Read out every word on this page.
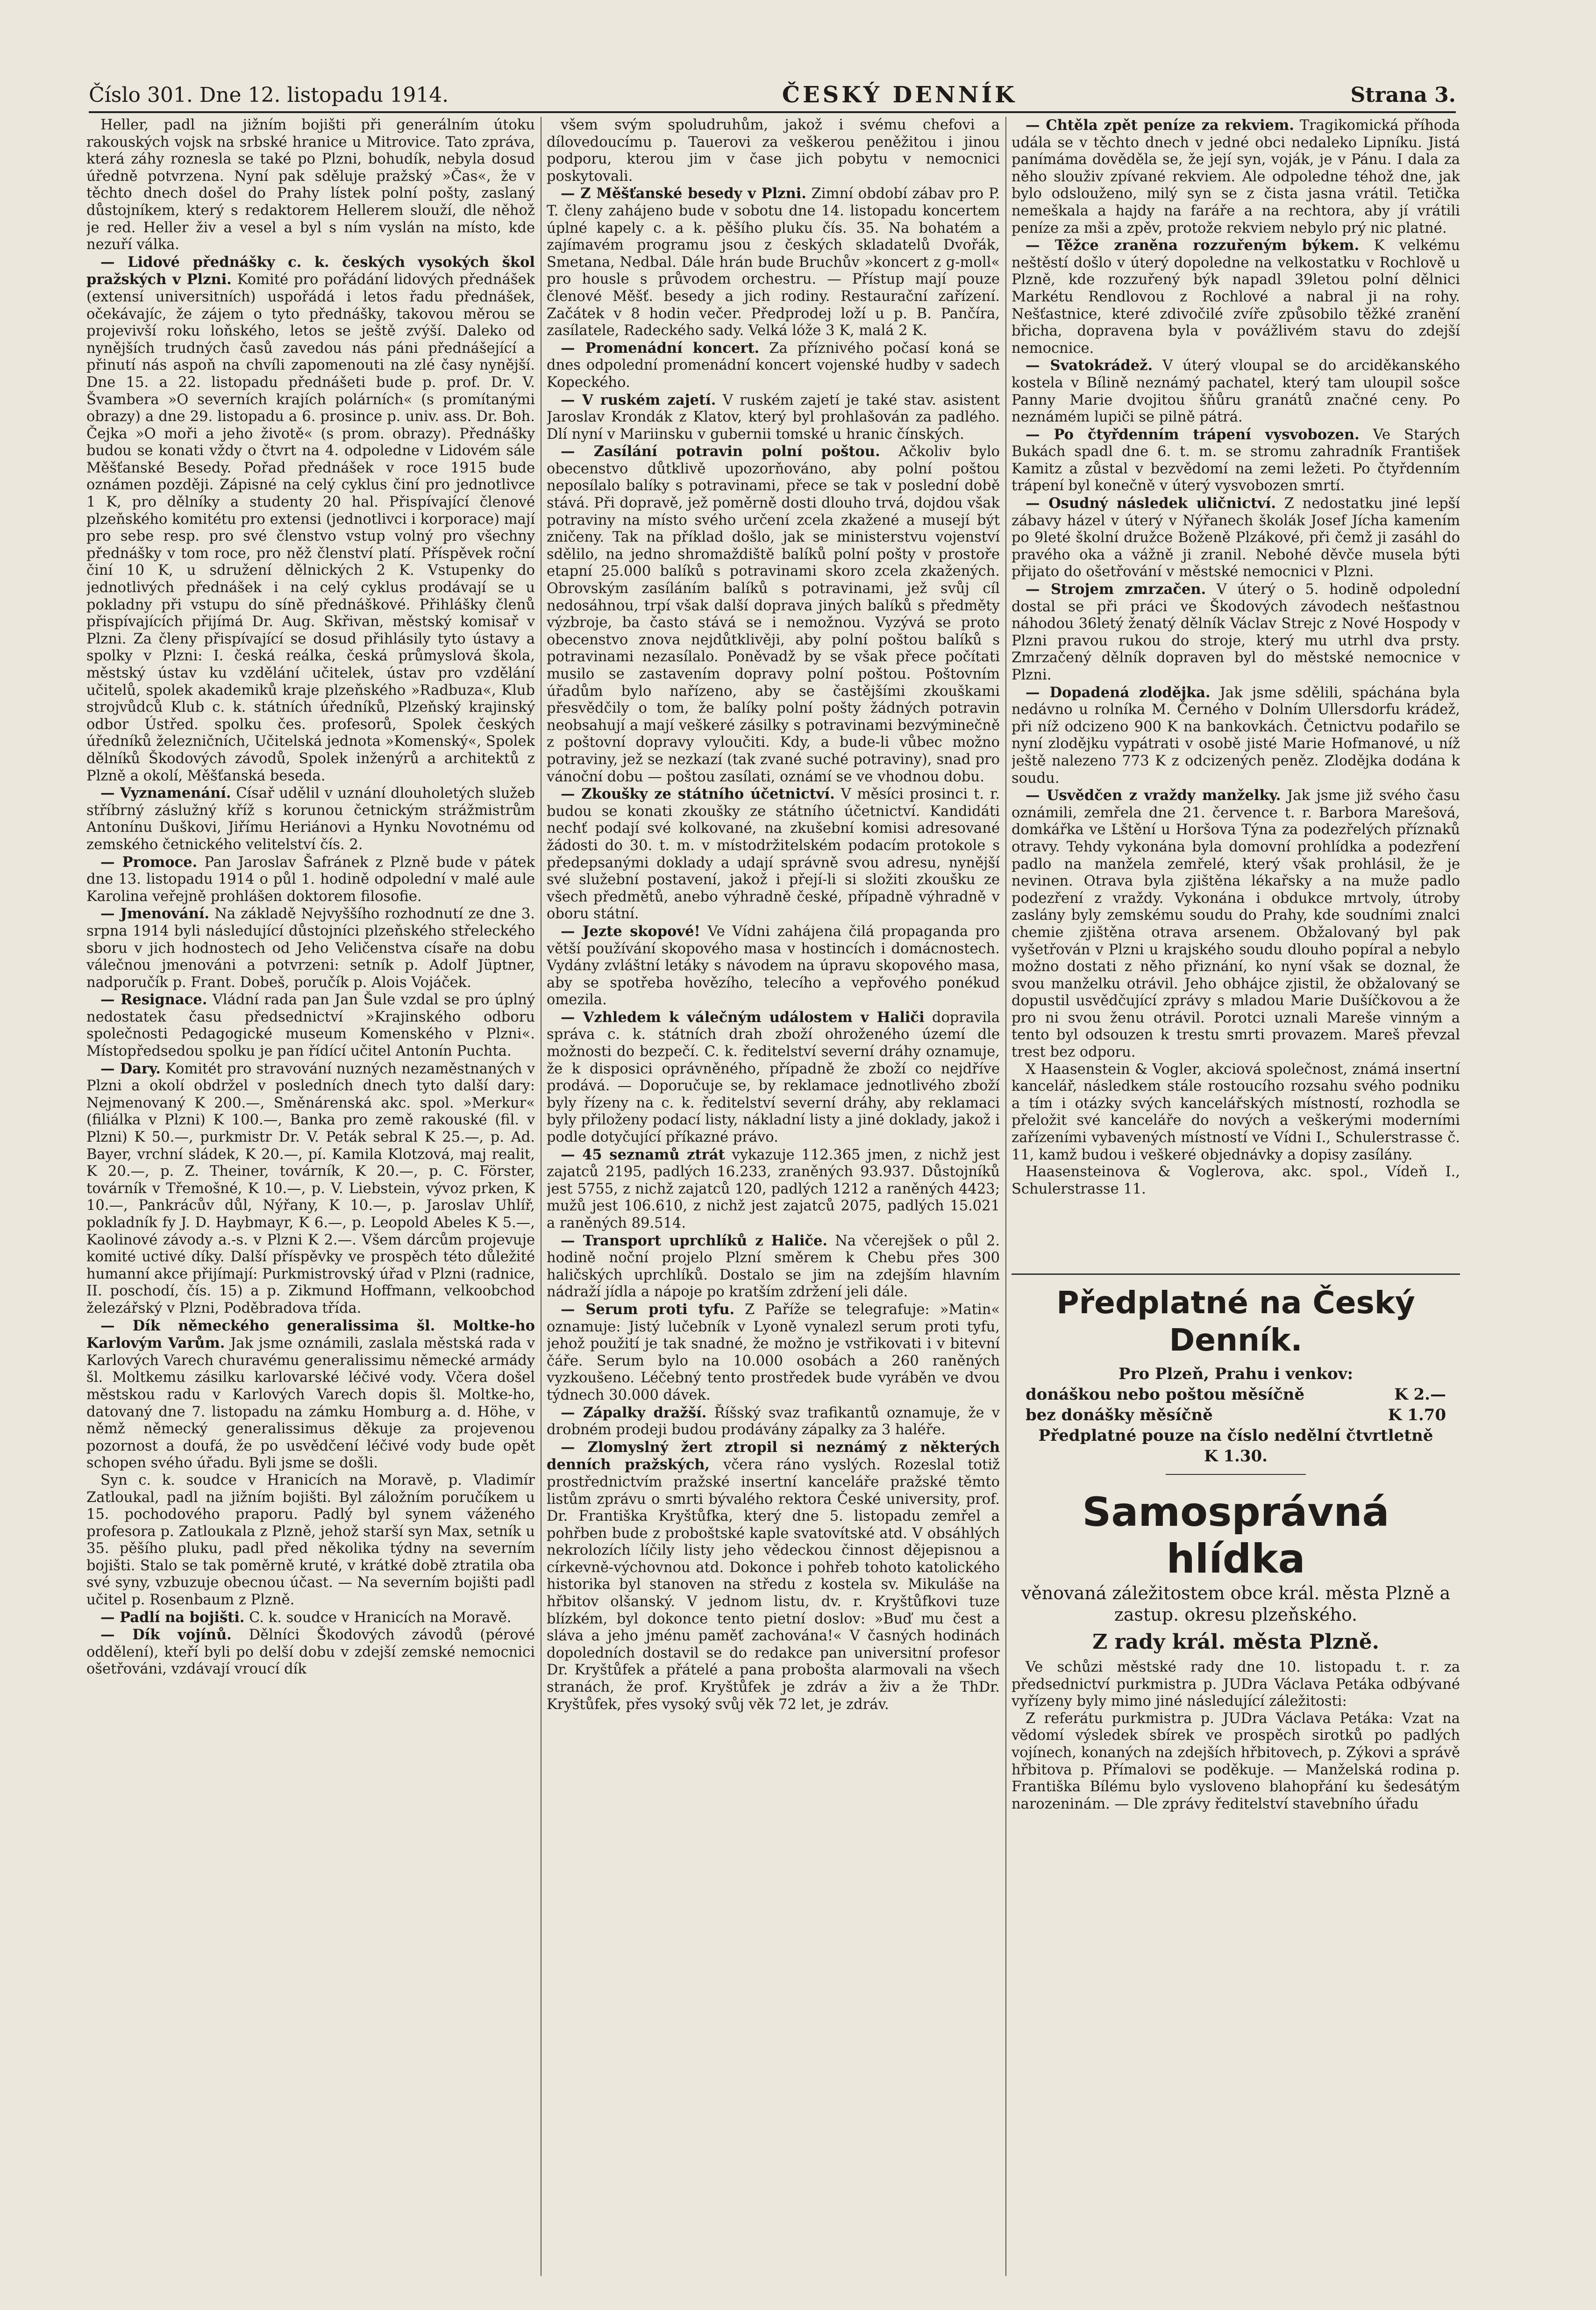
Číslo 301. Dne 12. listopadu 1914.	ČESKÝ DENNÍK	Strana 3.

Heller, padl na jižním bojišti při generálním útoku rakouských vojsk na srbské hranice u Mitrovice. Tato zpráva, která záhy roznesla se také po Plzni, bohudík, nebyla dosud úředně potvrzena. Nyní pak sděluje pražský »Čas«, že v těchto dnech došel do Prahy lístek polní pošty, zaslaný důstojníkem, který s redaktorem Hellerem slouží, dle něhož je red. Heller živ a vesel a byl s ním vyslán na místo, kde nezuří válka.

— Lidové přednášky c. k. českých vysokých škol pražských v Plzni. Komité pro pořádání lidových přednášek (extensí universitních) uspořádá i letos řadu přednášek, očekávajíc, že zájem o tyto přednášky, takovou měrou se projevivší roku loňského, letos se ještě zvýší. Daleko od nynějších trudných časů zavedou nás páni přednášející a přinutí nás aspoň na chvíli zapomenouti na zlé časy nynější. Dne 15. a 22. listopadu přednášeti bude p. prof. Dr. V. Švambera »O severních krajích polárních« (s promítanými obrazy) a dne 29. listopadu a 6. prosince p. univ. ass. Dr. Boh. Čejka »O moři a jeho životě« (s prom. obrazy). Přednášky budou se konati vždy o čtvrt na 4. odpoledne v Lidovém sále Měšťanské Besedy. Pořad přednášek v roce 1915 bude oznámen později. Zápisné na celý cyklus činí pro jednotlivce 1 K, pro dělníky a studenty 20 hal. Přispívající členové plzeňského komitétu pro extensi (jednotlivci i korporace) mají pro sebe resp. pro své členstvo vstup volný pro všechny přednášky v tom roce, pro něž členství platí. Příspěvek roční činí 10 K, u sdružení dělnických 2 K. Vstupenky do jednotlivých přednášek i na celý cyklus prodávají se u pokladny při vstupu do síně přednáškové. Přihlášky členů přispívajících přijímá Dr. Aug. Skřivan, městský komisař v Plzni. Za členy přispívající se dosud přihlásily tyto ústavy a spolky v Plzni: I. česká reálka, česká průmyslová škola, městský ústav ku vzdělání učitelek, ústav pro vzdělání učitelů, spolek akademiků kraje plzeňského »Radbuza«, Klub strojvůdců Klub c. k. státních úředníků, Plzeňský krajinský odbor Ústřed. spolku čes. profesorů, Spolek českých úředníků železničních, Učitelská jednota »Komenský«, Spolek dělníků Škodových závodů, Spolek inženýrů a architektů z Plzně a okolí, Měšťanská beseda.

— Vyznamenání. Císař udělil v uznání dlouholetých služeb stříbrný záslužný kříž s korunou četnickým strážmistrům Antonínu Duškovi, Jiřímu Heriánovi a Hynku Novotnému od zemského četnického velitelství čís. 2.

— Promoce. Pan Jaroslav Šafránek z Plzně bude v pátek dne 13. listopadu 1914 o půl 1. hodině odpolední v malé aule Karolina veřejně prohlášen doktorem filosofie.

— Jmenování. Na základě Nejvyššího rozhodnutí ze dne 3. srpna 1914 byli následující důstojníci plzeňského střeleckého sboru v jich hodnostech od Jeho Veličenstva císaře na dobu válečnou jmenováni a potvrzeni: setník p. Adolf Jüptner, nadporučík p. Frant. Dobeš, poručík p. Alois Vojáček.

— Resignace. Vládní rada pan Jan Šule vzdal se pro úplný nedostatek času předsednictví »Krajinského odboru společnosti Pedagogické museum Komenského v Plzni«. Místopředsedou spolku je pan řídící učitel Antonín Puchta.

— Dary. Komitét pro stravování nuzných nezaměstnaných v Plzni a okolí obdržel v posledních dnech tyto další dary: Nejmenovaný K 200.—, Směnárenská akc. spol. »Merkur« (filiálka v Plzni) K 100.—, Banka pro země rakouské (fil. v Plzni) K 50.—, purkmistr Dr. V. Peták sebral K 25.—, p. Ad. Bayer, vrchní sládek, K 20.—, pí. Kamila Klotzová, maj realit, K 20.—, p. Z. Theiner, továrník, K 20.—, p. C. Förster, továrník v Třemošné, K 10.—, p. V. Liebstein, vývoz prken, K 10.—, Pankrácův důl, Nýřany, K 10.—, p. Jaroslav Uhlíř, pokladník fy J. D. Haybmayr, K 6.—, p. Leopold Abeles K 5.—, Kaolinové závody a.-s. v Plzni K 2.—. Všem dárcům projevuje komité uctivé díky. Další příspěvky ve prospěch této důležité humanní akce přijímají: Purkmistrovský úřad v Plzni (radnice, II. poschodí, čís. 15) a p. Zikmund Hoffmann, velkoobchod železářský v Plzni, Poděbradova třída.

— Dík německého generalissima šl. Moltke-ho Karlovým Varům. Jak jsme oznámili, zaslala městská rada v Karlových Varech churavému generalissimu německé armády šl. Moltkemu zásilku karlovarské léčivé vody. Včera došel městskou radu v Karlových Varech dopis šl. Moltke-ho, datovaný dne 7. listopadu na zámku Homburg a. d. Höhe, v němž německý generalissimus děkuje za projevenou pozornost a doufá, že po usvědčení léčivé vody bude opět schopen svého úřadu. Byli jsme se došli.

Syn c. k. soudce v Hranicích na Moravě, p. Vladimír Zatloukal, padl na jižním bojišti. Byl záložním poručíkem u 15. pochodového praporu. Padlý byl synem váženého profesora p. Zatloukala z Plzně, jehož starší syn Max, setník u 35. pěšího pluku, padl před několika týdny na severním bojišti. Stalo se tak poměrně kruté, v krátké době ztratila oba své syny, vzbuzuje obecnou účast. — Na severním bojišti padl učitel p. Rosenbaum z Plzně.

— Padlí na bojišti. C. k. soudce v Hranicích na Moravě.

— Dík vojínů. Dělníci Škodových závodů (pérové oddělení), kteří byli po delší dobu v zdejší zemské nemocnici ošetřováni, vzdávají vroucí dík

všem svým spoludruhům, jakož i svému chefovi a dílovedoucímu p. Tauerovi za veškerou peněžitou i jinou podporu, kterou jim v čase jich pobytu v nemocnici poskytovali.

— Z Měšťanské besedy v Plzni. Zimní období zábav pro P. T. členy zahájeno bude v sobotu dne 14. listopadu koncertem úplné kapely c. a k. pěšího pluku čís. 35. Na bohatém a zajímavém programu jsou z českých skladatelů Dvořák, Smetana, Nedbal. Dále hrán bude Bruchův »koncert z g-moll« pro housle s průvodem orchestru. — Přístup mají pouze členové Měšť. besedy a jich rodiny. Restaurační zařízení. Začátek v 8 hodin večer. Předprodej loží u p. B. Pančíra, zasílatele, Radeckého sady. Velká lóže 3 K, malá 2 K.

— Promenádní koncert. Za příznivého počasí koná se dnes odpolední promenádní koncert vojenské hudby v sadech Kopeckého.

— V ruském zajetí. V ruském zajetí je také stav. asistent Jaroslav Krondák z Klatov, který byl prohlašován za padlého. Dlí nyní v Mariinsku v gubernii tomské u hranic čínských.

— Zasílání potravin polní poštou. Ačkoliv bylo obecenstvo důtklivě upozorňováno, aby polní poštou neposílalo balíky s potravinami, přece se tak v poslední době stává. Při dopravě, jež poměrně dosti dlouho trvá, dojdou však potraviny na místo svého určení zcela zkažené a musejí být zničeny. Tak na příklad došlo, jak se ministerstvu vojenství sdělilo, na jedno shromaždiště balíků polní pošty v prostoře etapní 25.000 balíků s potravinami skoro zcela zkažených. Obrovským zasíláním balíků s potravinami, jež svůj cíl nedosáhnou, trpí však další doprava jiných balíků s předměty výzbroje, ba často stává se i nemožnou. Vyzývá se proto obecenstvo znova nejdůtklivěji, aby polní poštou balíků s potravinami nezasílalo. Poněvadž by se však přece počítati musilo se zastavením dopravy polní poštou. Poštovním úřadům bylo nařízeno, aby se častějšími zkouškami přesvědčily o tom, že balíky polní pošty žádných potravin neobsahují a mají veškeré zásilky s potravinami bezvýminečně z poštovní dopravy vyloučiti. Kdy, a bude-li vůbec možno potraviny, jež se nezkazí (tak zvané suché potraviny), snad pro vánoční dobu — poštou zasílati, oznámí se ve vhodnou dobu.

— Zkoušky ze státního účetnictví. V měsíci prosinci t. r. budou se konati zkoušky ze státního účetnictví. Kandidáti nechť podají své kolkované, na zkušební komisi adresované žádosti do 30. t. m. v místodržitelském podacím protokole s předepsanými doklady a udají správně svou adresu, nynější své služební postavení, jakož i přejí-li si složiti zkoušku ze všech předmětů, anebo výhradně české, případně výhradně v oboru státní.

— Jezte skopové! Ve Vídni zahájena čilá propaganda pro větší používání skopového masa v hostincích i domácnostech. Vydány zvláštní letáky s návodem na úpravu skopového masa, aby se spotřeba hovězího, telecího a vepřového ponékud omezila.

— Vzhledem k válečným událostem v Haliči dopravila správa c. k. státních drah zboží ohroženého území dle možnosti do bezpečí. C. k. ředitelství severní dráhy oznamuje, že k disposici oprávněného, případně že zboží co nejdříve prodává. — Doporučuje se, by reklamace jednotlivého zboží byly řízeny na c. k. ředitelství severní dráhy, aby reklamaci byly přiloženy podací listy, nákladní listy a jiné doklady, jakož i podle dotyčující příkazné právo.

— 45 seznamů ztrát vykazuje 112.365 jmen, z nichž jest zajatců 2195, padlých 16.233, zraněných 93.937. Důstojníků jest 5755, z nichž zajatců 120, padlých 1212 a raněných 4423; mužů jest 106.610, z nichž jest zajatců 2075, padlých 15.021 a raněných 89.514.

— Transport uprchlíků z Haliče. Na včerejšek o půl 2. hodině noční projelo Plzní směrem k Chebu přes 300 haličských uprchlíků. Dostalo se jim na zdejším hlavním nádraží jídla a nápoje po kratším zdržení jeli dále.

— Serum proti tyfu. Z Paříže se telegrafuje: »Matin« oznamuje: Jistý lučebník v Lyoně vynalezl serum proti tyfu, jehož použití je tak snadné, že možno je vstřikovati i v bitevní čáře. Serum bylo na 10.000 osobách a 260 raněných vyzkoušeno. Léčebný tento prostředek bude vyráběn ve dvou týdnech 30.000 dávek.

— Zápalky dražší. Říšský svaz trafikantů oznamuje, že v drobném prodeji budou prodávány zápalky za 3 haléře.

— Zlomyslný žert ztropil si neznámý z některých denních pražských, včera ráno vyslých. Rozeslal totiž prostřednictvím pražské insertní kanceláře pražské těmto listům zprávu o smrti bývalého rektora České university, prof. Dr. Františka Kryštůfka, který dne 5. listopadu zemřel a pohřben bude z proboštské kaple svatovítské atd. V obsáhlých nekrolozích líčily listy jeho vědeckou činnost dějepisnou a církevně-výchovnou atd. Dokonce i pohřeb tohoto katolického historika byl stanoven na středu z kostela sv. Mikuláše na hřbitov olšanský. V jednom listu, dv. r. Kryštůfkovi tuze blízkém, byl dokonce tento pietní doslov: »Buď mu čest a sláva a jeho jménu paměť zachována!« V časných hodinách dopoledních dostavil se do redakce pan universitní profesor Dr. Kryštůfek a přátelé a pana probošta alarmovali na všech stranách, že prof. Kryštůfek je zdráv a živ a že ThDr. Kryštůfek, přes vysoký svůj věk 72 let, je zdráv.

— Chtěla zpět peníze za rekviem. Tragikomická příhoda udála se v těchto dnech v jedné obci nedaleko Lipníku. Jistá panímáma dověděla se, že její syn, voják, je v Pánu. I dala za něho slouživ zpívané rekviem. Ale odpoledne téhož dne, jak bylo odslouženo, milý syn se z čista jasna vrátil. Tetička nemeškala a hajdy na faráře a na rechtora, aby jí vrátili peníze za mši a zpěv, protože rekviem nebylo prý nic platné.

— Těžce zraněna rozzuřeným býkem. K velkému neštěstí došlo v úterý dopoledne na velkostatku v Rochlově u Plzně, kde rozzuřený býk napadl 39letou polní dělnici Markétu Rendlovou z Rochlové a nabral ji na rohy. Nešťastnice, které zdivočilé zvíře způsobilo těžké zranění břicha, dopravena byla v povážlivém stavu do zdejší nemocnice.

— Svatokrádež. V úterý vloupal se do arciděkanského kostela v Bílině neznámý pachatel, který tam uloupil sošce Panny Marie dvojitou šňůru granátů značné ceny. Po neznámém lupiči se pilně pátrá.

— Po čtyřdenním trápení vysvobozen. Ve Starých Bukách spadl dne 6. t. m. se stromu zahradník František Kamitz a zůstal v bezvědomí na zemi ležeti. Po čtyřdenním trápení byl konečně v úterý vysvobozen smrtí.

— Osudný následek uličnictví. Z nedostatku jiné lepší zábavy házel v úterý v Nýřanech školák Josef Jícha kamením po 9leté školní družce Boženě Plzákové, při čemž ji zasáhl do pravého oka a vážně ji zranil. Nebohé děvče musela býti přijato do ošetřování v městské nemocnici v Plzni.

— Strojem zmrzačen. V úterý o 5. hodině odpolední dostal se při práci ve Škodových závodech nešťastnou náhodou 36letý ženatý dělník Václav Strejc z Nové Hospody v Plzni pravou rukou do stroje, který mu utrhl dva prsty. Zmrzačený dělník dopraven byl do městské nemocnice v Plzni.

— Dopadená zlodějka. Jak jsme sdělili, spáchána byla nedávno u rolníka M. Černého v Dolním Ullersdorfu krádež, při níž odcizeno 900 K na bankovkách. Četnictvu podařilo se nyní zlodějku vypátrati v osobě jisté Marie Hofmanové, u níž ještě nalezeno 773 K z odcizených peněz. Zlodějka dodána k soudu.

— Usvědčen z vraždy manželky. Jak jsme již svého času oznámili, zemřela dne 21. července t. r. Barbora Marešová, domkářka ve Lštění u Horšova Týna za podezřelých příznaků otravy. Tehdy vykonána byla domovní prohlídka a podezření padlo na manžela zemřelé, který však prohlásil, že je nevinen. Otrava byla zjištěna lékařsky a na muže padlo podezření z vraždy. Vykonána i obdukce mrtvoly, útroby zaslány byly zemskému soudu do Prahy, kde soudními znalci chemie zjištěna otrava arsenem. Obžalovaný byl pak vyšetřován v Plzni u krajského soudu dlouho popíral a nebylo možno dostati z něho přiznání, ko nyní však se doznal, že svou manželku otrávil. Jeho obhájce zjistil, že obžalovaný se dopustil usvědčující zprávy s mladou Marie Dušíčkovou a že pro ni svou ženu otrávil. Porotci uznali Mareše vinným a tento byl odsouzen k trestu smrti provazem. Mareš převzal trest bez odporu.

X Haasenstein & Vogler, akciová společnost, známá insertní kancelář, následkem stále rostoucího rozsahu svého podniku a tím i otázky svých kancelářských místností, rozhodla se přeložit své kanceláře do nových a veškerými moderními zařízeními vybavených místností ve Vídni I., Schulerstrasse č. 11, kamž budou i veškeré objednávky a dopisy zasílány.

Haasensteinova & Voglerova, akc. spol., Vídeň I., Schulerstrasse 11.

Předplatné na Český Denník.
Pro Plzeň, Prahu i venkov:
donáškou nebo poštou měsíčně	K 2.—
bez donášky měsíčně	K 1.70
Předplatné pouze na číslo nedělní čtvrtletně
K 1.30.
Samosprávná hlídka
věnovaná záležitostem obce král. města Plzně a zastup. okresu plzeňského.
Z rady král. města Plzně.

Ve schůzi městské rady dne 10. listopadu t. r. za předsednictví purkmistra p. JUDra Václava Petáka odbývané vyřízeny byly mimo jiné následující záležitosti:

Z referátu purkmistra p. JUDra Václava Petáka: Vzat na vědomí výsledek sbírek ve prospěch sirotků po padlých vojínech, konaných na zdejších hřbitovech, p. Zýkovi a správě hřbitova p. Přímalovi se poděkuje. — Manželská rodina p. Františka Bílému bylo vysloveno blahopřání ku šedesátým narozeninám. — Dle zprávy ředitelství stavebního úřadu
